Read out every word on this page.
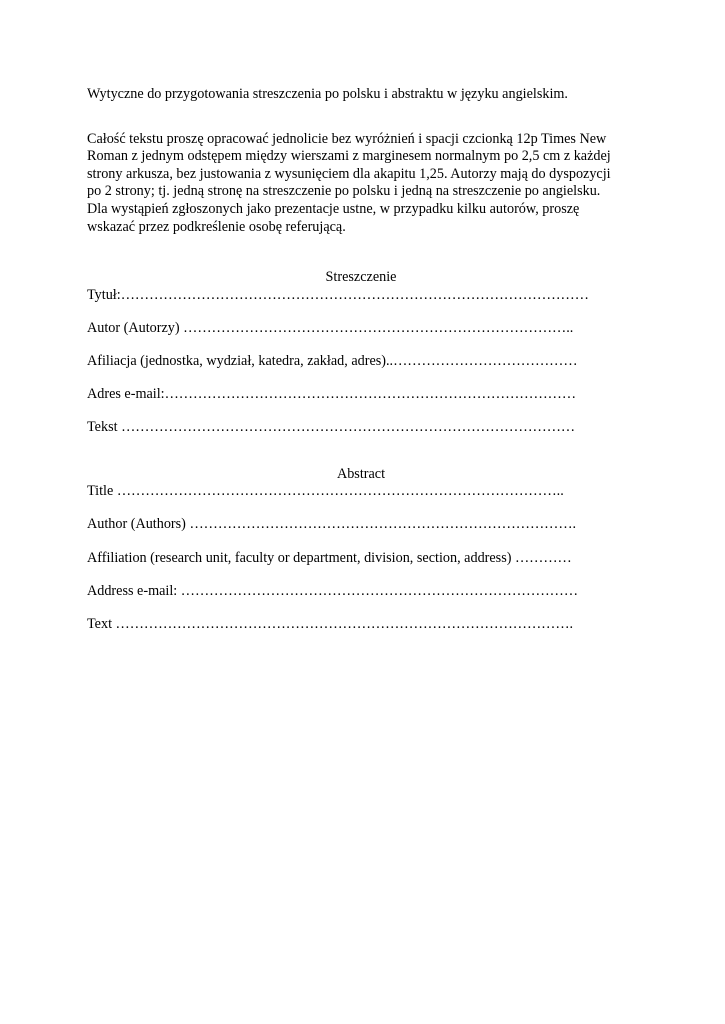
Wytyczne do przygotowania streszczenia po polsku i abstraktu w języku angielskim.

Całość tekstu proszę opracować jednolicie bez wyróżnień i spacji czcionką 12p Times New

Roman z jednym odstępem między wierszami z marginesem normalnym po 2,5 cm z każdej

strony arkusza, bez justowania z wysunięciem dla akapitu 1,25. Autorzy mają do dyspozycji

po 2 strony; tj. jedną stronę na streszczenie po polsku i jedną na streszczenie po angielsku.

Dla wystąpień zgłoszonych jako prezentacje ustne, w przypadku kilku autorów, proszę

wskazać przez podkreślenie osobę referującą.

Streszczenie

Tytuł:………………………………………………………………………………………

Autor (Autorzy) ………………………………………………………………………..

Afiliacja (jednostka, wydział, katedra, zakład, adres)..…………………………………

Adres e-mail:……………………………………………………………………………

Tekst ……………………………………………………………………………………

Abstract

Title …………………………………………………………………………………..

Author (Authors) ……………………………………………………………………….

Affiliation (research unit, faculty or department, division, section, address) …………

Address e-mail: …………………………………………………………………………

Text …………………………………………………………………………………….
